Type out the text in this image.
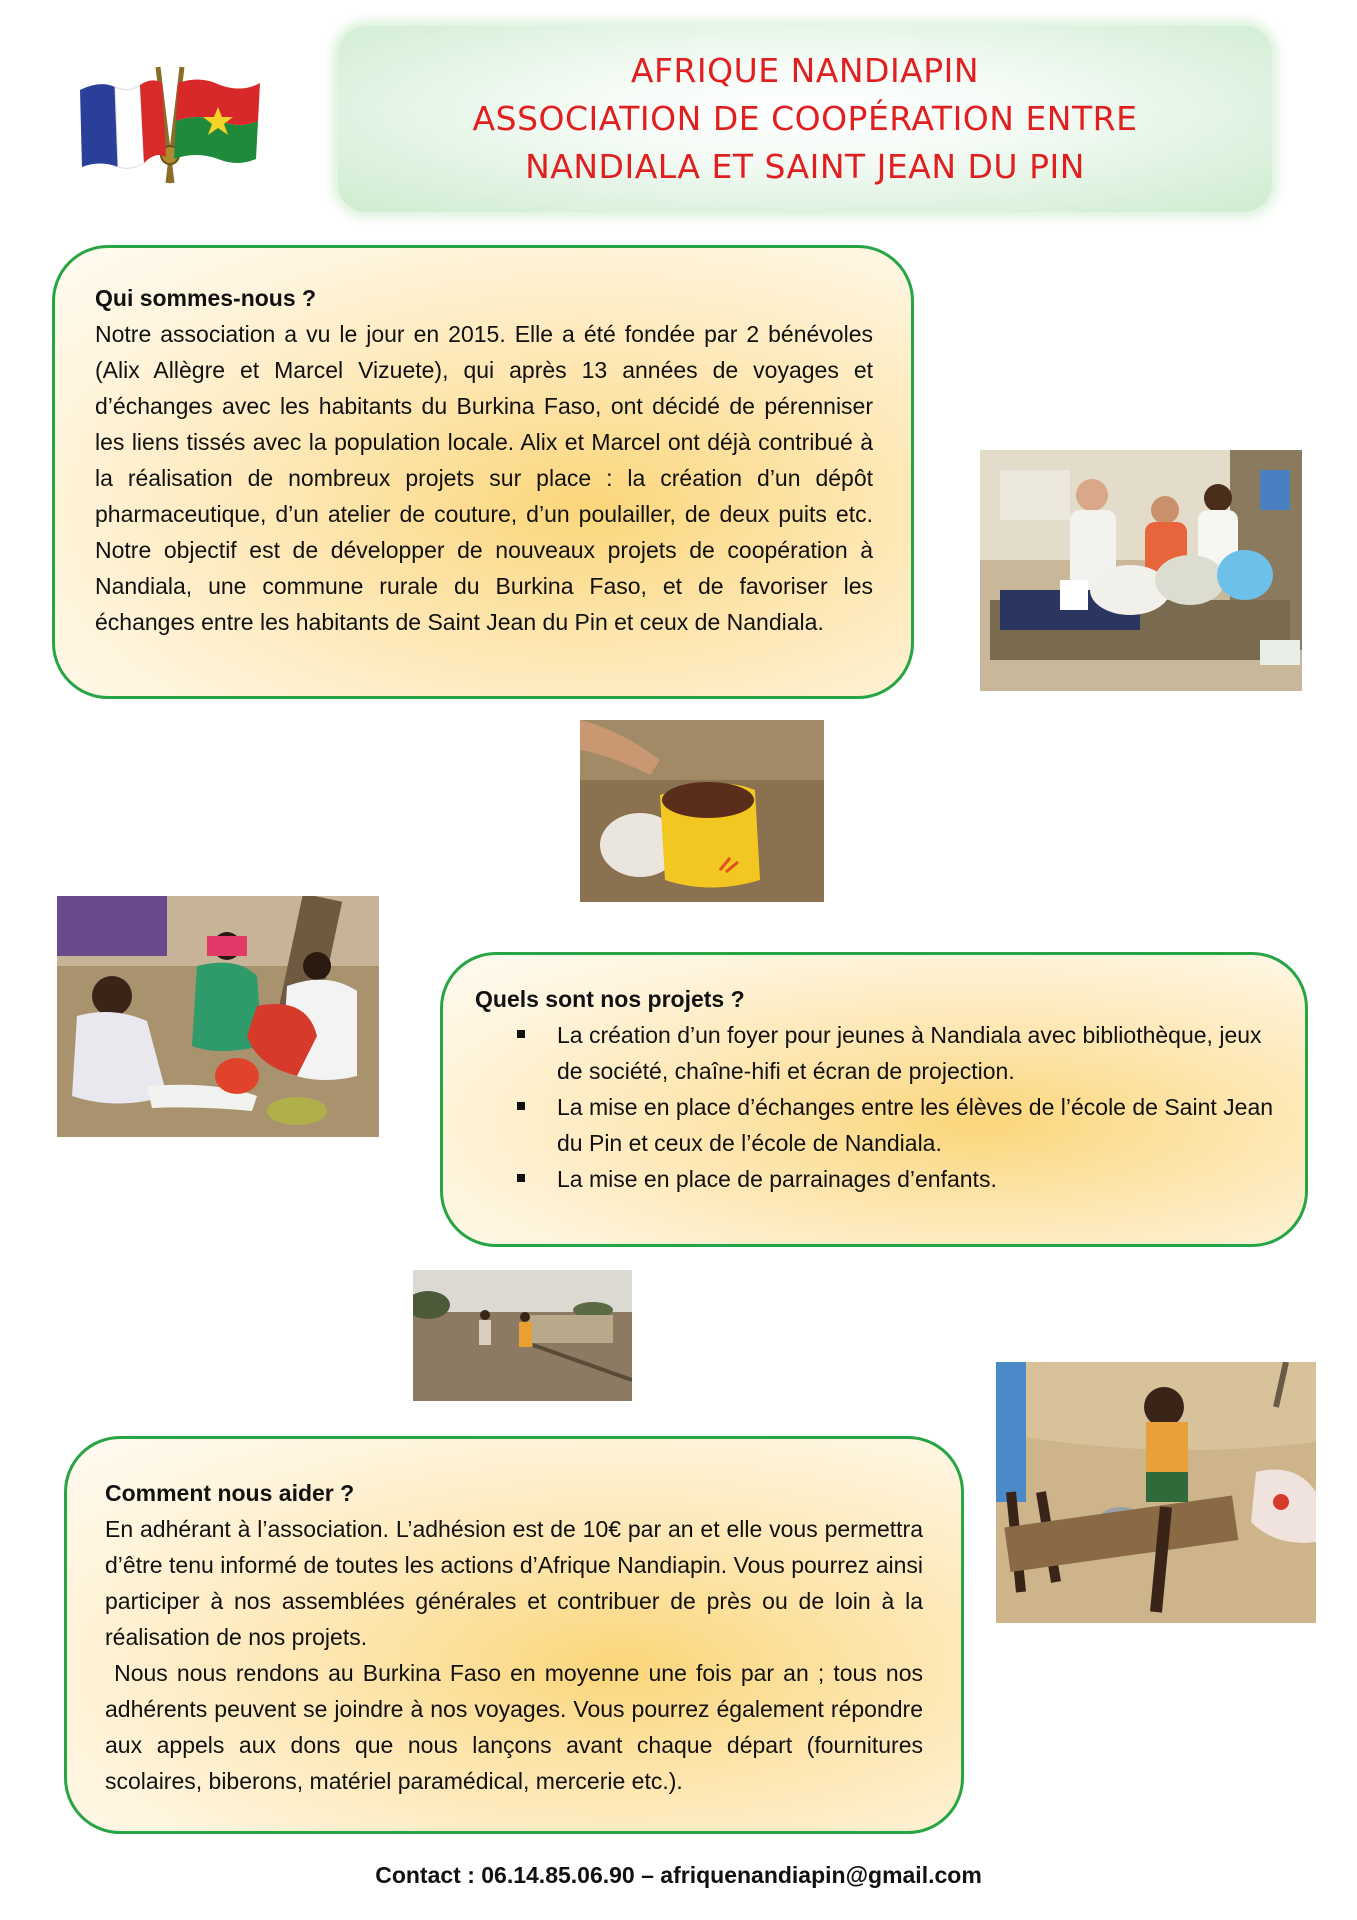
AFRIQUE NANDIAPIN
ASSOCIATION DE COOPÉRATION ENTRE
NANDIALA ET SAINT JEAN DU PIN
Qui sommes-nous ?

Notre association a vu le jour en 2015. Elle a été fondée par 2 bénévoles (Alix Allègre et Marcel Vizuete), qui après 13 années de voyages et d’échanges avec les habitants du Burkina Faso, ont décidé de pérenniser les liens tissés avec la population locale. Alix et Marcel ont déjà contribué à la réalisation de nombreux projets sur place : la création d’un dépôt pharmaceutique, d’un atelier de couture, d’un poulailler, de deux puits etc. Notre objectif est de développer de nouveaux projets de coopération à Nandiala, une commune rurale du Burkina Faso, et de favoriser les échanges entre les habitants de Saint Jean du Pin et ceux de Nandiala.

Quels sont nos projets ?
La création d’un foyer pour jeunes à Nandiala avec bibliothèque, jeux de société, chaîne-hifi et écran de projection.
La mise en place d’échanges entre les élèves de l’école de Saint Jean du Pin et ceux de l’école de Nandiala.
La mise en place de parrainages d’enfants.
Comment nous aider ?

En adhérant à l’association. L’adhésion est de 10€ par an et elle vous permettra d’être tenu informé de toutes les actions d’Afrique Nandiapin. Vous pourrez ainsi participer à nos assemblées générales et contribuer de près ou de loin à la réalisation de nos projets.

Nous nous rendons au Burkina Faso en moyenne une fois par an ; tous nos adhérents peuvent se joindre à nos voyages. Vous pourrez également répondre aux appels aux dons que nous lançons avant chaque départ (fournitures scolaires, biberons, matériel paramédical, mercerie etc.).

Contact : 06.14.85.06.90 – afriquenandiapin@gmail.com
